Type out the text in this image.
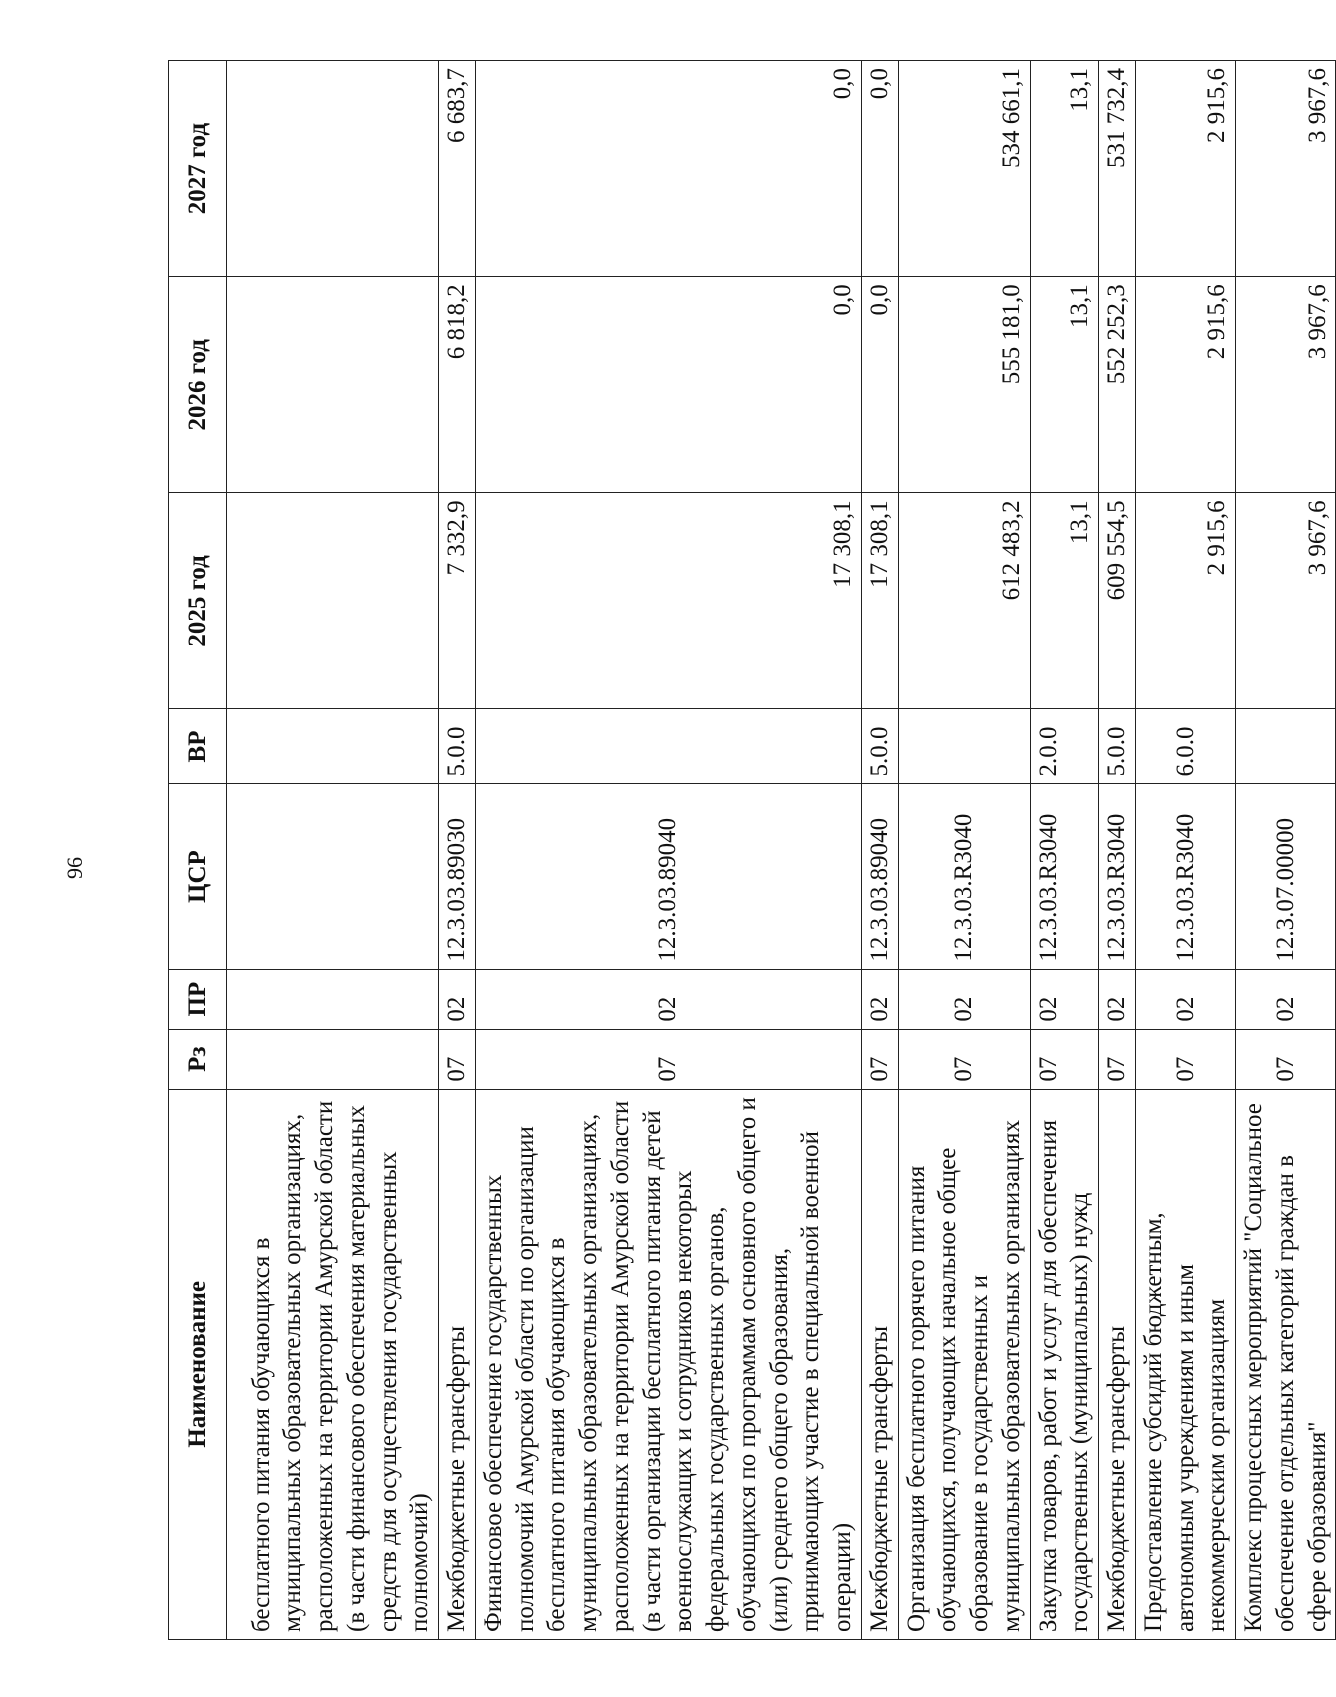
96
Наименование	Рз	ПР	ЦСР	ВР	2025 год	2026 год	2027 год
бесплатного питания обучающихся в муниципальных образовательных организациях, расположенных на территории Амурской области (в части финансового обеспечения материальных средств для осуществления государственных полномочий)							
Межбюджетные трансферты	07	02	12.3.03.89030	5.0.0	7 332,9	6 818,2	6 683,7
Финансовое обеспечение государственных полномочий Амурской области по организации бесплатного питания обучающихся в муниципальных образовательных организациях, расположенных на территории Амурской области (в части организации бесплатного питания детей военнослужащих и сотрудников некоторых федеральных государственных органов, обучающихся по программам основного общего и (или) среднего общего образования, принимающих участие в специальной военной операции)	07	02	12.3.03.89040		17 308,1	0,0	0,0
Межбюджетные трансферты	07	02	12.3.03.89040	5.0.0	17 308,1	0,0	0,0
Организация бесплатного горячего питания обучающихся, получающих начальное общее образование в государственных и муниципальных образовательных организациях	07	02	12.3.03.R3040		612 483,2	555 181,0	534 661,1
Закупка товаров, работ и услуг для обеспечения государственных (муниципальных) нужд	07	02	12.3.03.R3040	2.0.0	13,1	13,1	13,1
Межбюджетные трансферты	07	02	12.3.03.R3040	5.0.0	609 554,5	552 252,3	531 732,4
Предоставление субсидий бюджетным, автономным учреждениям и иным некоммерческим организациям	07	02	12.3.03.R3040	6.0.0	2 915,6	2 915,6	2 915,6
Комплекс процессных мероприятий "Социальное обеспечение отдельных категорий граждан в сфере образования"	07	02	12.3.07.00000		3 967,6	3 967,6	3 967,6
